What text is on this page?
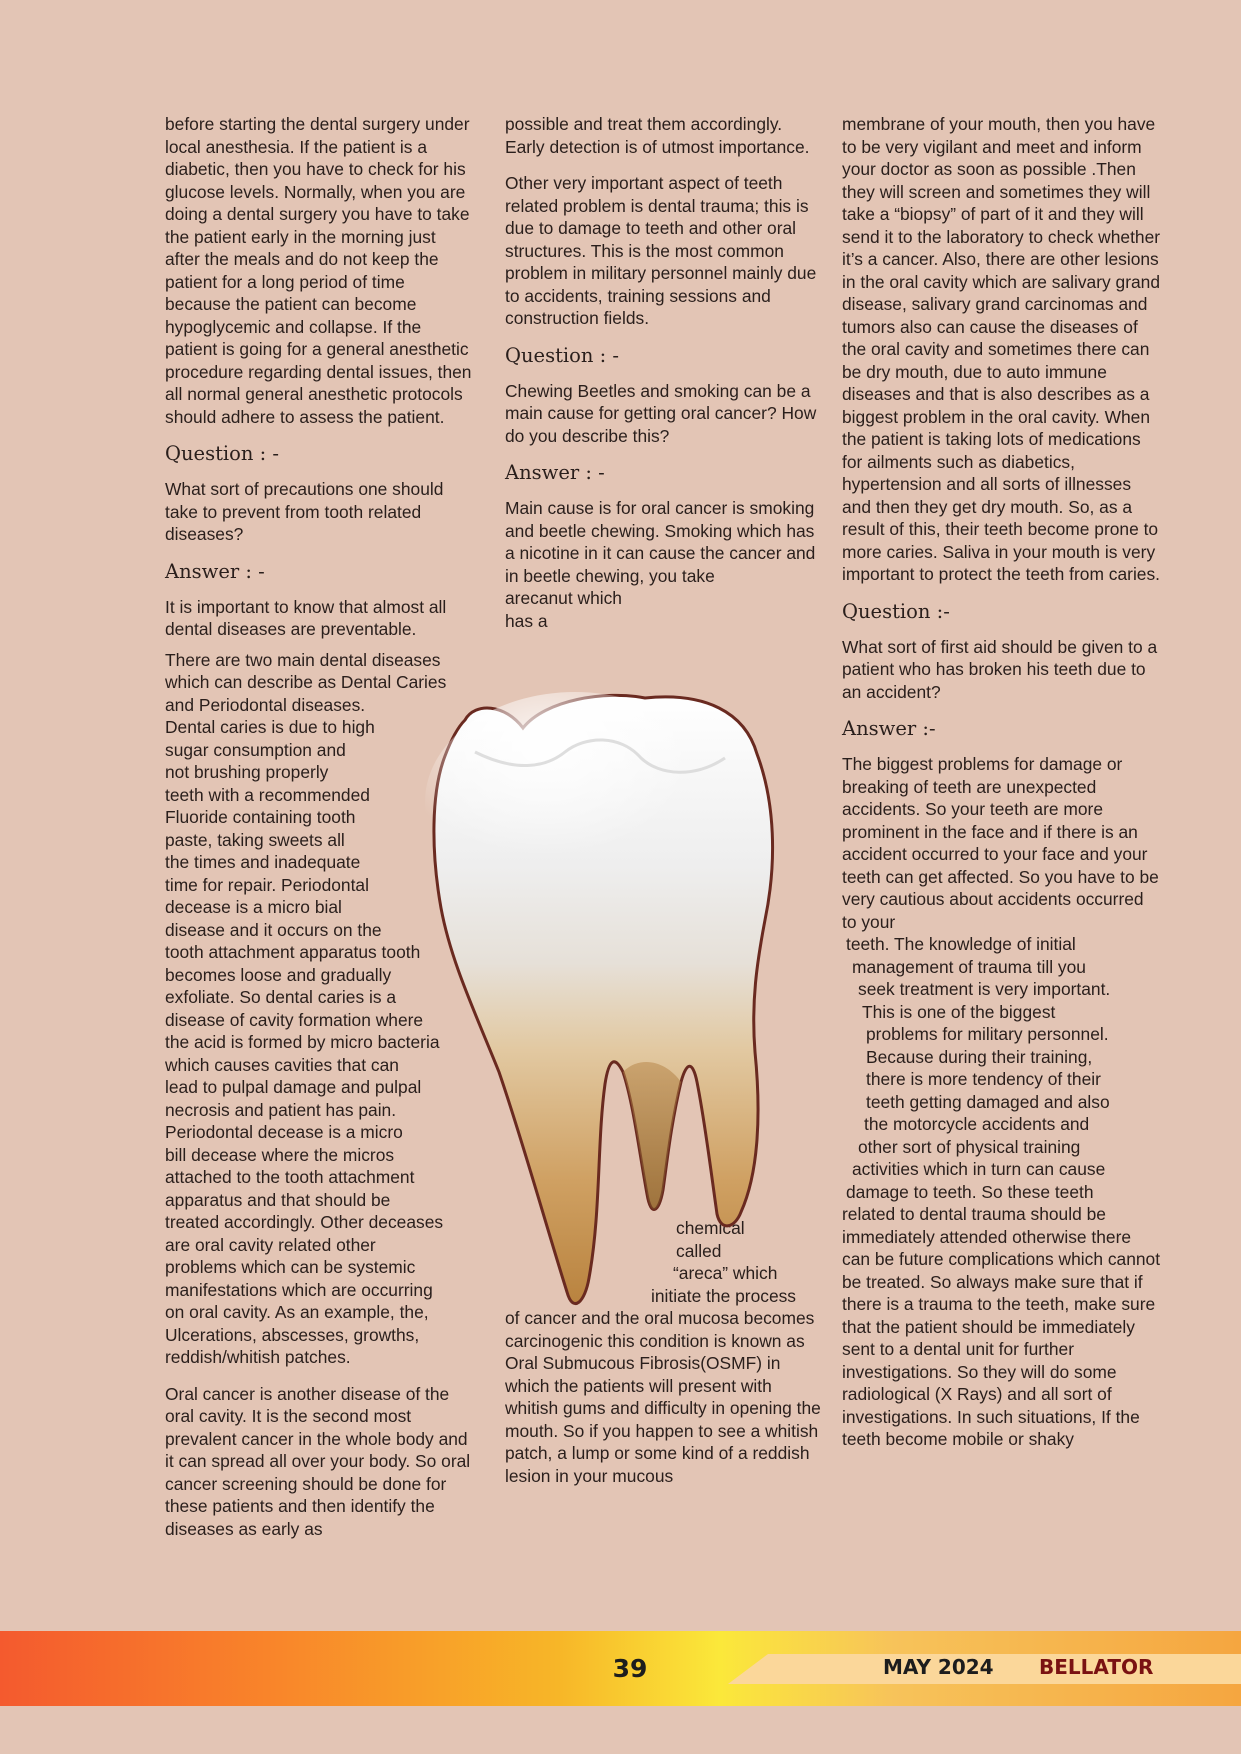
before starting the dental surgery under local anesthesia. If the patient is a diabetic, then you have to check for his glucose levels. Normally, when you are doing a dental surgery you have to take the patient early in the morning just after the meals and do not keep the patient for a long period of time because the patient can become hypoglycemic and collapse. If the patient is going for a general anesthetic procedure regarding dental issues, then all normal general anesthetic protocols should adhere to assess the patient.

Question : -

What sort of precautions one should take to prevent from tooth related diseases?

Answer : -

It is important to know that almost all dental diseases are preventable.

There are two main dental diseases which can describe as Dental Caries and Periodontal diseases.

Dental caries is due to high
sugar consumption and
not brushing properly
teeth with a recommended
Fluoride containing tooth
paste, taking sweets all
the times and inadequate
time for repair. Periodontal
decease is a micro bial
disease and it occurs on the
tooth attachment apparatus tooth
becomes loose and gradually
exfoliate. So dental caries is a
disease of cavity formation where
the acid is formed by micro bacteria
which causes cavities that can
lead to pulpal damage and pulpal
necrosis and patient has pain.
Periodontal decease is a micro
bill decease where the micros
attached to the tooth attachment
apparatus and that should be
treated accordingly. Other deceases
are oral cavity related other
problems which can be systemic
manifestations which are occurring
on oral cavity. As an example, the,
Ulcerations, abscesses, growths,
reddish/whitish patches.

Oral cancer is another disease of the oral cavity. It is the second most prevalent cancer in the whole body and it can spread all over your body. So oral cancer screening should be done for these patients and then identify the diseases as early as

possible and treat them accordingly. Early detection is of utmost importance.

Other very important aspect of teeth related problem is dental trauma; this is due to damage to teeth and other oral structures. This is the most common problem in military personnel mainly due to accidents, training sessions and construction fields.

Question : -

Chewing Beetles and smoking can be a main cause for getting oral cancer? How do you describe this?

Answer : -

Main cause is for oral cancer is smoking and beetle chewing. Smoking which has a nicotine in it can cause the cancer and in beetle chewing, you take

arecanut which
has a

chemical
called
“areca” which
initiate the process

of cancer and the oral mucosa becomes carcinogenic this condition is known as Oral Submucous Fibrosis(OSMF) in which the patients will present with whitish gums and difficulty in opening the mouth. So if you happen to see a whitish patch, a lump or some kind of a reddish lesion in your mucous

membrane of your mouth, then you have to be very vigilant and meet and inform your doctor as soon as possible .Then they will screen and sometimes they will take a “biopsy” of part of it and they will send it to the laboratory to check whether it’s a cancer. Also, there are other lesions in the oral cavity which are salivary grand disease, salivary grand carcinomas and tumors also can cause the diseases of the oral cavity and sometimes there can be dry mouth, due to auto immune diseases and that is also describes as a biggest problem in the oral cavity. When the patient is taking lots of medications for ailments such as diabetics, hypertension and all sorts of illnesses and then they get dry mouth. So, as a result of this, their teeth become prone to more caries. Saliva in your mouth is very important to protect the teeth from caries.

Question :-

What sort of first aid should be given to a patient who has broken his teeth due to an accident?

Answer :-

The biggest problems for damage or breaking of teeth are unexpected accidents. So your teeth are more prominent in the face and if there is an accident occurred to your face and your teeth can get affected. So you have to be very cautious about accidents occurred to your

teeth. The knowledge of initial
management of trauma till you
seek treatment is very important.
This is one of the biggest
problems for military personnel.
Because during their training,
there is more tendency of their
teeth getting damaged and also
the motorcycle accidents and
other sort of physical training
activities which in turn can cause
damage to teeth. So these teeth

related to dental trauma should be immediately attended otherwise there can be future complications which cannot be treated. So always make sure that if there is a trauma to the teeth, make sure that the patient should be immediately sent to a dental unit for further investigations. So they will do some radiological (X Rays) and all sort of investigations. In such situations, If the teeth become mobile or shaky

39	MAY 2024 BELLATOR
